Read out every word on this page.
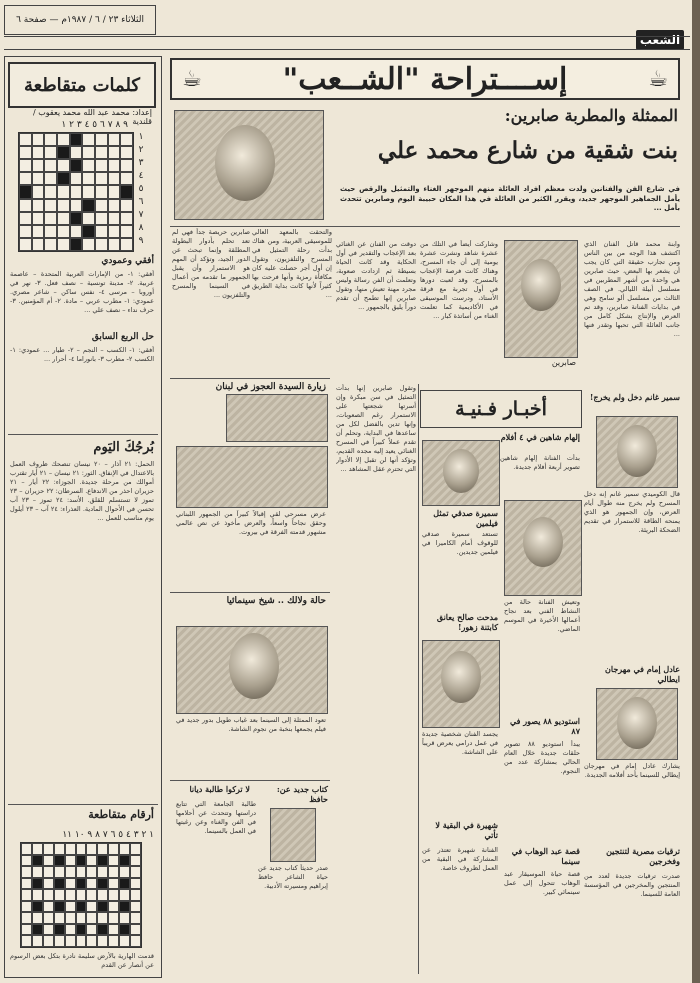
الثلاثاء ٢٣ / ٦ / ١٩٨٧م — صفحة ٦
الشعب
☕
إســــتراحة "الشــعب"
☕
الممثلة والمطربة صابرين:
بنت شقية من شارع محمد علي
في شارع الفن والفنانين ولدت معظم أفراد العائلة منهم الموجهر الغناء والتمثيل والرقص حيث يأمل الجماهير الموجهر جديد، ويقرر الكثير من العائلة في هذا المكان حبيبة اليوم وصابرين تتحدث بأمل ...
صابرين
وابنة محمد قاتل الفنان الذي اكتشف هذا الوجه من بين الناس ومن تجارب حقيقة التي كان يجب أن يشعر بها البعض، حيث صابرين هي واحدة من أشهر المطربين في مسلسل أبيلة الليالي. في الصف الثالث من مسلسل ألو سامح وهي في بدايات الفنانة صابرين، وقد تم العرض والإنتاج بشكل كامل من جانب العائلة التي تحبها وتقدر فنها ...
وشاركت أيضاً في التلك من عشرة شاهد ونشرت عشرة يومية إلى أن جاء المسرح، وهناك كانت فرصة الإعجاب بالمسرح، وقد لعبت دورها في أول تجربة مع فرقة الأستاذ، ودرست الموسيقى في الأكاديمية كما تعلمت الغناء من أساتذة كبار ...
دوقت من الفنان عن الغنائي بعد الإعجاب والتقدير في أول الحكاية وقد كانت الحياة بسيطة ثم ازدادت صعوبة، وتعلمت أن الفن رسالة وليس مجرد مهنة تعيش منها، وتقول صابرين إنها تطمح أن تقدم دوراً يليق بالجمهور ...
والتحقت بالمعهد العالي للموسيقى العربية، ومن هناك بدأت رحلة التمثيل في المسرح والتلفزيون، وتقول إن أول أجر حصلت عليه كان مكافأة رمزية وأنها فرحت بها كثيراً لأنها كانت بداية الطريق ...
صابرين حريصة جداً فهي لم تعد تحلم بأدوار البطولة المطلقة وإنما تبحث عن الدور الجيد، وتؤكد أن المهم هو الاستمرار وأن يقبل الجمهور ما تقدمه من أعمال في السينما والمسرح والتلفزيون ...
زيارة السيدة العجوز في لبنان
عرض مسرحي لقي إقبالاً كبيراً من الجمهور اللبناني وحقق نجاحاً واسعاً، والعرض مأخوذ عن نص عالمي مشهور قدمته الفرقة في بيروت.
حالة ولالك .. شيخ سينمائيا
تعود الممثلة إلى السينما بعد غياب طويل بدور جديد في فيلم يجمعها بنخبة من نجوم الشاشة.
لا تركوا طالبة ديانا	كتاب جديد عن: حافظ
طالبة الجامعة التي تتابع دراستها وتتحدث عن أحلامها في الفن والغناء وعن رغبتها في العمل بالسينما.
صدر حديثاً كتاب جديد عن حياة الشاعر حافظ إبراهيم ومسيرته الأدبية.
وتقول صابرين إنها بدأت التمثيل في سن مبكرة وإن أسرتها شجعتها على الاستمرار رغم الصعوبات، وإنها تدين بالفضل لكل من ساعدها في البداية، وتحلم أن تقدم عملاً كبيراً في المسرح الغنائي يعيد إليه مجده القديم، وتؤكد أنها لن تقبل إلا الأدوار التي تحترم عقل المشاهد ...
أخبـار فـنيـة
إلهام شاهين في ٤ أفلام
بدأت الفنانة إلهام شاهين تصوير أربعة أفلام جديدة.
سميرة صدقي تمثل فيلمين
تستعد سميرة صدقي للوقوف أمام الكاميرا في فيلمين جديدين.
وتعيش الفنانة حالة من النشاط الفني بعد نجاح أعمالها الأخيرة في الموسم الماضي.
مدحت صالح يعانق كابتنة زهور!
استوديو ٨٨ يصور في ٨٧
يبدأ استوديو ٨٨ تصوير حلقات جديدة خلال العام الحالي بمشاركة عدد من النجوم.
يجسد الفنان شخصية جديدة في عمل درامي يعرض قريباً على الشاشة.
شهيرة في البقية لا تأتي
الفنانة شهيرة تعتذر عن المشاركة في البقية من العمل لظروف خاصة.
قصة عبد الوهاب في سينما
قصة حياة الموسيقار عبد الوهاب تتحول إلى عمل سينمائي كبير.
سمير غانم دخل ولم يخرج!
قال الكوميدي سمير غانم إنه دخل المسرح ولم يخرج منه طوال أيام العرض، وإن الجمهور هو الذي يمنحه الطاقة للاستمرار في تقديم الضحكة البريئة.
عادل إمام في مهرجان ايطالي
يشارك عادل إمام في مهرجان إيطالي للسينما بأحد أفلامه الجديدة.
ترقيات مصرية لتنتجين وفخرجين
صدرت ترقيات جديدة لعدد من المنتجين والمخرجين في المؤسسة العامة للسينما.
كلمات متقاطعة
إعداد: محمد عبد الله محمد يعقوب / قلندية
٩ ٨ ٧ ٦ ٥ ٤ ٣ ٢ ١
١
٢
٣
٤
٥
٦
٧
٨
٩
أفقي وعمودي
أفقي: ١- من الإمارات العربية المتحدة – عاصمة عربية. ٢- مدينة تونسية – نصف فعل. ٣- نهر في أوروبا – مرسى ٤- نفس ساكن – شاعر مصري. عمودي: ١- مطرب عربي – مادة. ٢- أم المؤمنين. ٣- حرف نداء – نصف علي ...
حل الربع السابق
أفقي: ١- الكسب – النجم – ٢- طيار ... عمودي: ١- الكسب ٢- مطرب ٣- بانوراما ٤- أحرار ...
بُرجُكَ اليَوم
الحمل: ٢١ آذار – ٢٠ نيسان تنصحك ظروف العمل بالاعتدال في الإنفاق. الثور: ٢١ نيسان – ٢١ أيار تقترب أموالك من مرحلة جديدة. الجوزاء: ٢٢ أيار – ٢١ حزيران احذر من الاندفاع. السرطان: ٢٢ حزيران – ٢٣ تموز لا تستسلم للقلق. الأسد: ٢٤ تموز – ٢٣ آب تحسن في الأحوال المادية. العذراء: ٢٤ آب – ٢٣ أيلول يوم مناسب للعمل ...
أرقام متقاطعة
١ ٢ ٣ ٤ ٥ ٦ ٧ ٨ ٩ ١٠ ١١
قدمت الهارية بالأرض سليمة نادرة بتكل بعض الرسوم عن أنصار عن القدم
